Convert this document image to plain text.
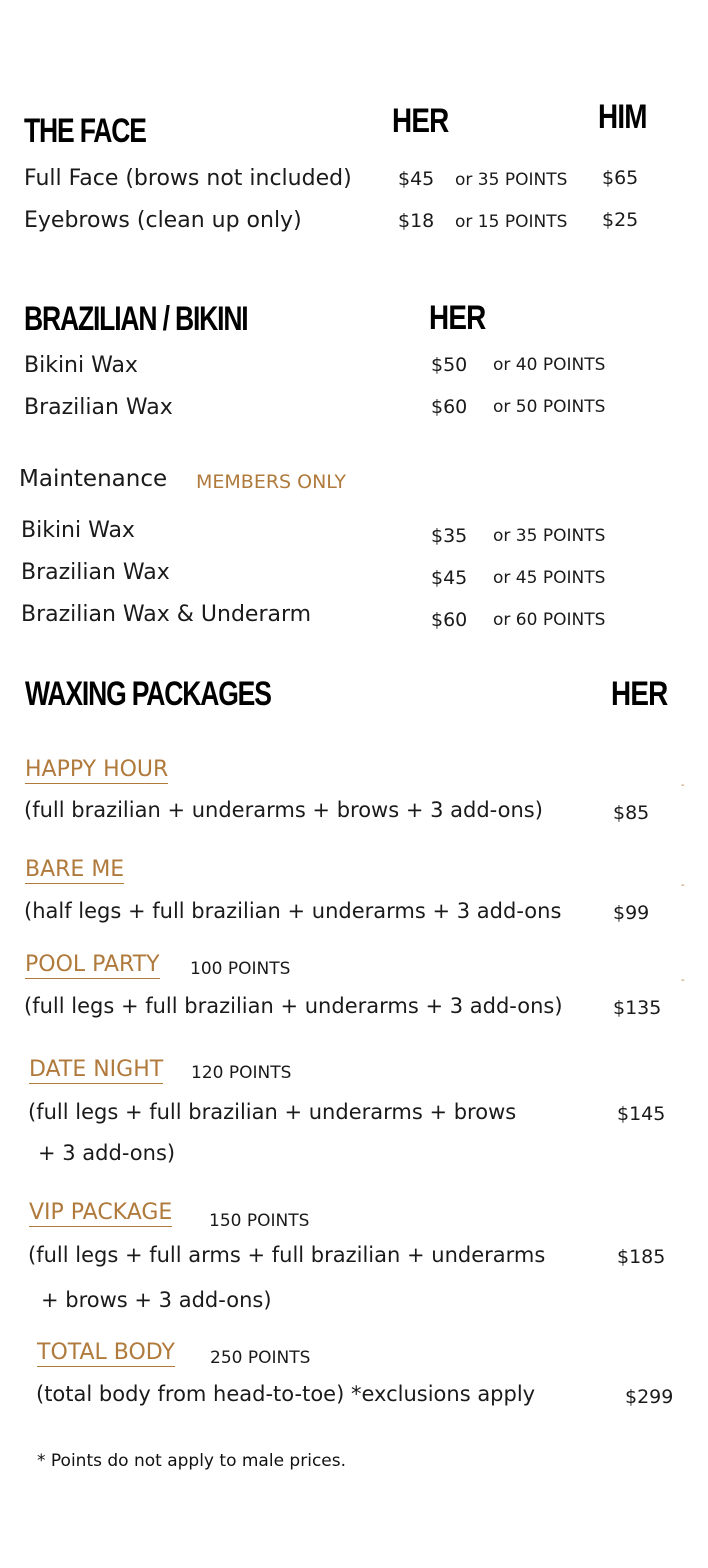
THE FACE	HER	HIM
Full Face (brows not included) $45 or 35 POINTS $65
Eyebrows (clean up only)	$18 or 15 POINTS $25
BRAZILIAN / BIKINI	HER
Bikini Wax	$50 or 40 POINTS
Brazilian Wax	$60 or 50 POINTS
Maintenance MEMBERS ONLY
Bikini Wax	$35 or 35 POINTS
Brazilian Wax	$45 or 45 POINTS
Brazilian Wax & Underarm	$60 or 60 POINTS
WAXING PACKAGES	HER
HAPPY HOUR
(full brazilian + underarms + brows + 3 add-ons)	$85
-
BARE ME
(half legs + full brazilian + underarms + 3 add-ons	$99
-
POOL PARTY 100 POINTS
(full legs + full brazilian + underarms + 3 add-ons)	$135
-
DATE NIGHT 120 POINTS
(full legs + full brazilian + underarms + brows
+ 3 add-ons)
$145
VIP PACKAGE 150 POINTS
(full legs + full arms + full brazilian + underarms
+ brows + 3 add-ons)
$185
TOTAL BODY 250 POINTS
(total body from head-to-toe) *exclusions apply	$299
* Points do not apply to male prices.
